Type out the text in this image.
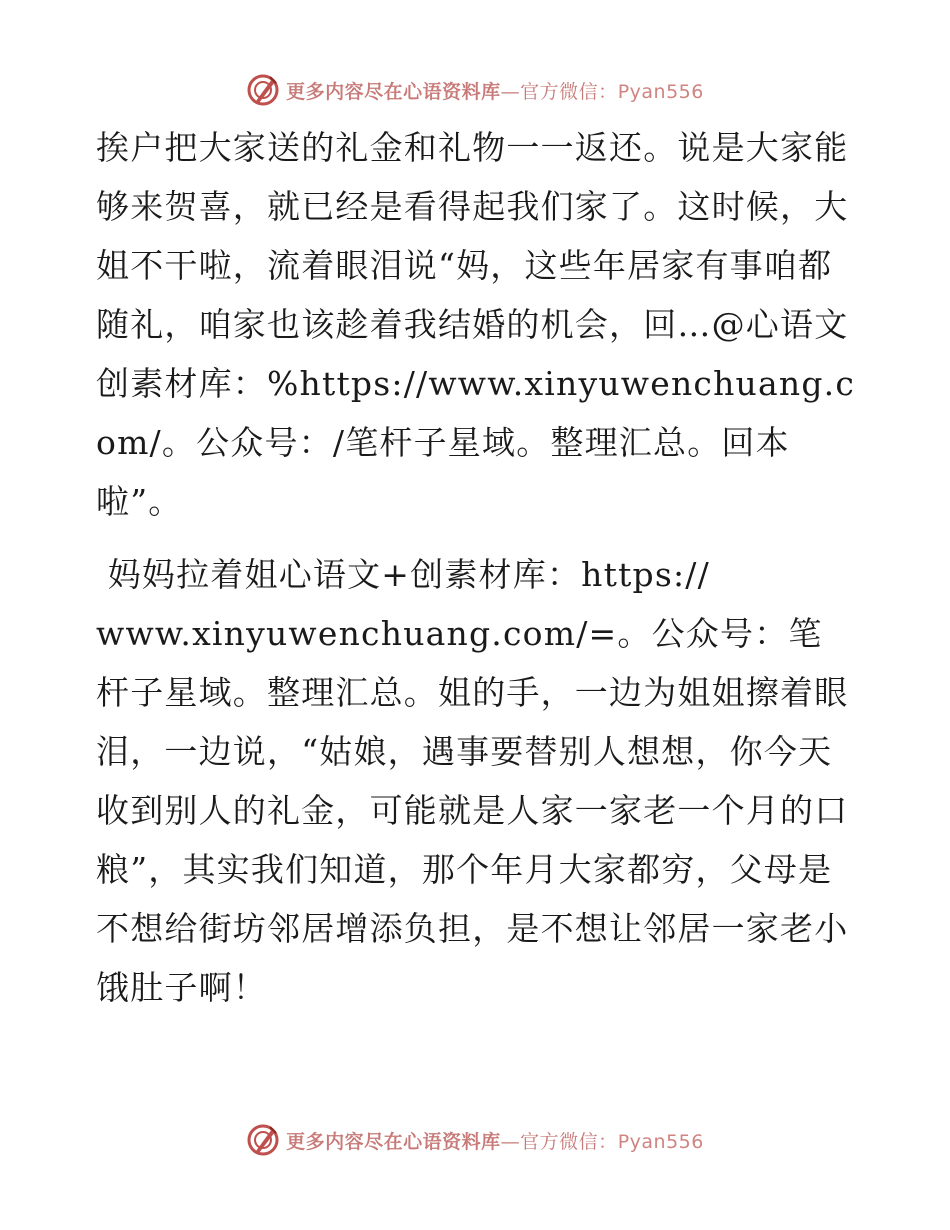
更多内容尽在心语资料库—官方微信：Pyan556

挨户把大家送的礼金和礼物一一返还。说是大家能够来贺喜，就已经是看得起我们家了。这时候，大姐不干啦，流着眼泪说“妈，这些年居家有事咱都随礼，咱家也该趁着我结婚的机会，回…@心语文创素材库：%https://www.xinyuwenchuang.com/。公众号：/笔杆子星域。整理汇总。回本啦”。

妈妈拉着姐心语文+创素材库：https://
www.xinyuwenchuang.com/=。公众号：笔杆子星域。整理汇总。姐的手，一边为姐姐擦着眼泪，一边说，“姑娘，遇事要替别人想想，你今天收到别人的礼金，可能就是人家一家老一个月的口粮”，其实我们知道，那个年月大家都穷，父母是不想给街坊邻居增添负担，是不想让邻居一家老小饿肚子啊！

更多内容尽在心语资料库—官方微信：Pyan556
